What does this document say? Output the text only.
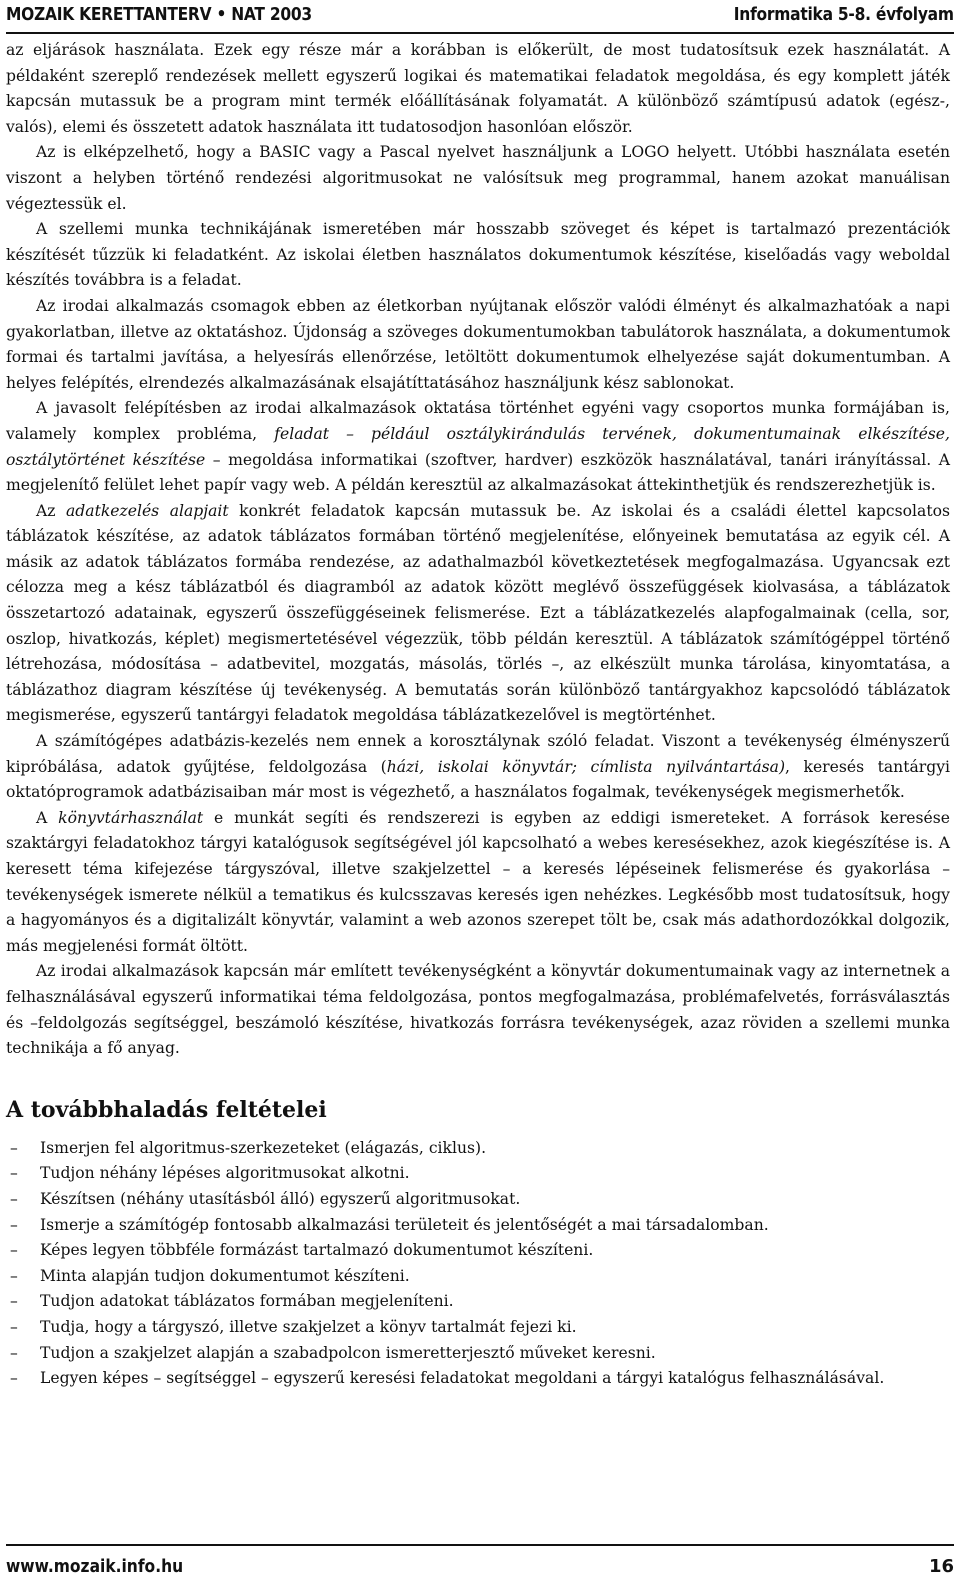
MOZAIK KERETTANTERV • NAT 2003	Informatika 5-8. évfolyam

az eljárások használata. Ezek egy része már a korábban is előkerült, de most tudatosítsuk ezek használatát. A példaként szereplő rendezések mellett egyszerű logikai és matematikai feladatok megoldása, és egy komplett játék kapcsán mutassuk be a program mint termék előállításának folyamatát. A különböző számtípusú adatok (egész-, valós), elemi és összetett adatok használata itt tudatosodjon hasonlóan először.

Az is elképzelhető, hogy a BASIC vagy a Pascal nyelvet használjunk a LOGO helyett. Utóbbi használata esetén viszont a helyben történő rendezési algoritmusokat ne valósítsuk meg programmal, hanem azokat manuálisan végeztessük el.

A szellemi munka technikájának ismeretében már hosszabb szöveget és képet is tartalmazó prezentációk készítését tűzzük ki feladatként. Az iskolai életben használatos dokumentumok készítése, kiselőadás vagy weboldal készítés továbbra is a feladat.

Az irodai alkalmazás csomagok ebben az életkorban nyújtanak először valódi élményt és alkalmazhatóak a napi gyakorlatban, illetve az oktatáshoz. Újdonság a szöveges dokumentumokban tabulátorok használata, a dokumentumok formai és tartalmi javítása, a helyesírás ellenőrzése, letöltött dokumentumok elhelyezése saját dokumentumban. A helyes felépítés, elrendezés alkalmazásának elsajátíttatásához használjunk kész sablonokat.

A javasolt felépítésben az irodai alkalmazások oktatása történhet egyéni vagy csoportos munka formájában is, valamely komplex probléma, feladat – például osztálykirándulás tervének, dokumentumainak elkészítése, osztálytörténet készítése – megoldása informatikai (szoftver, hardver) eszközök használatával, tanári irányítással. A megjelenítő felület lehet papír vagy web. A példán keresztül az alkalmazásokat áttekinthetjük és rendszerezhetjük is.

Az adatkezelés alapjait konkrét feladatok kapcsán mutassuk be. Az iskolai és a családi élettel kapcsolatos táblázatok készítése, az adatok táblázatos formában történő megjelenítése, előnyeinek bemutatása az egyik cél. A másik az adatok táblázatos formába rendezése, az adathalmazból következtetések megfogalmazása. Ugyancsak ezt célozza meg a kész táblázatból és diagramból az adatok között meglévő összefüggések kiolvasása, a táblázatok összetartozó adatainak, egyszerű összefüggéseinek felismerése. Ezt a táblázatkezelés alapfogalmainak (cella, sor, oszlop, hivatkozás, képlet) megismertetésével végezzük, több példán keresztül. A táblázatok számítógéppel történő létrehozása, módosítása – adatbevitel, mozgatás, másolás, törlés –, az elkészült munka tárolása, kinyomtatása, a táblázathoz diagram készítése új tevékenység. A bemutatás során különböző tantárgyakhoz kapcsolódó táblázatok megismerése, egyszerű tantárgyi feladatok megoldása táblázatkezelővel is megtörténhet.

A számítógépes adatbázis-kezelés nem ennek a korosztálynak szóló feladat. Viszont a tevékenység élményszerű kipróbálása, adatok gyűjtése, feldolgozása (házi, iskolai könyvtár; címlista nyilvántartása), keresés tantárgyi oktatóprogramok adatbázisaiban már most is végezhető, a használatos fogalmak, tevékenységek megismerhetők.

A könyvtárhasználat e munkát segíti és rendszerezi is egyben az eddigi ismereteket. A források keresése szaktárgyi feladatokhoz tárgyi katalógusok segítségével jól kapcsolható a webes keresésekhez, azok kiegészítése is. A keresett téma kifejezése tárgyszóval, illetve szakjelzettel – a keresés lépéseinek felismerése és gyakorlása – tevékenységek ismerete nélkül a tematikus és kulcsszavas keresés igen nehézkes. Legkésőbb most tudatosítsuk, hogy a hagyományos és a digitalizált könyvtár, valamint a web azonos szerepet tölt be, csak más adathordozókkal dolgozik, más megjelenési formát öltött.

Az irodai alkalmazások kapcsán már említett tevékenységként a könyvtár dokumentumainak vagy az internetnek a felhasználásával egyszerű informatikai téma feldolgozása, pontos megfogalmazása, problémafelvetés, forrásválasztás és –feldolgozás segítséggel, beszámoló készítése, hivatkozás forrásra tevékenységek, azaz röviden a szellemi munka technikája a fő anyag.

A továbbhaladás feltételei
– Ismerjen fel algoritmus-szerkezeteket (elágazás, ciklus).
– Tudjon néhány lépéses algoritmusokat alkotni.
– Készítsen (néhány utasításból álló) egyszerű algoritmusokat.
– Ismerje a számítógép fontosabb alkalmazási területeit és jelentőségét a mai társadalomban.
– Képes legyen többféle formázást tartalmazó dokumentumot készíteni.
– Minta alapján tudjon dokumentumot készíteni.
– Tudjon adatokat táblázatos formában megjeleníteni.
– Tudja, hogy a tárgyszó, illetve szakjelzet a könyv tartalmát fejezi ki.
– Tudjon a szakjelzet alapján a szabadpolcon ismeretterjesztő műveket keresni.
– Legyen képes – segítséggel – egyszerű keresési feladatokat megoldani a tárgyi katalógus felhasználásával.
www.mozaik.info.hu	16
